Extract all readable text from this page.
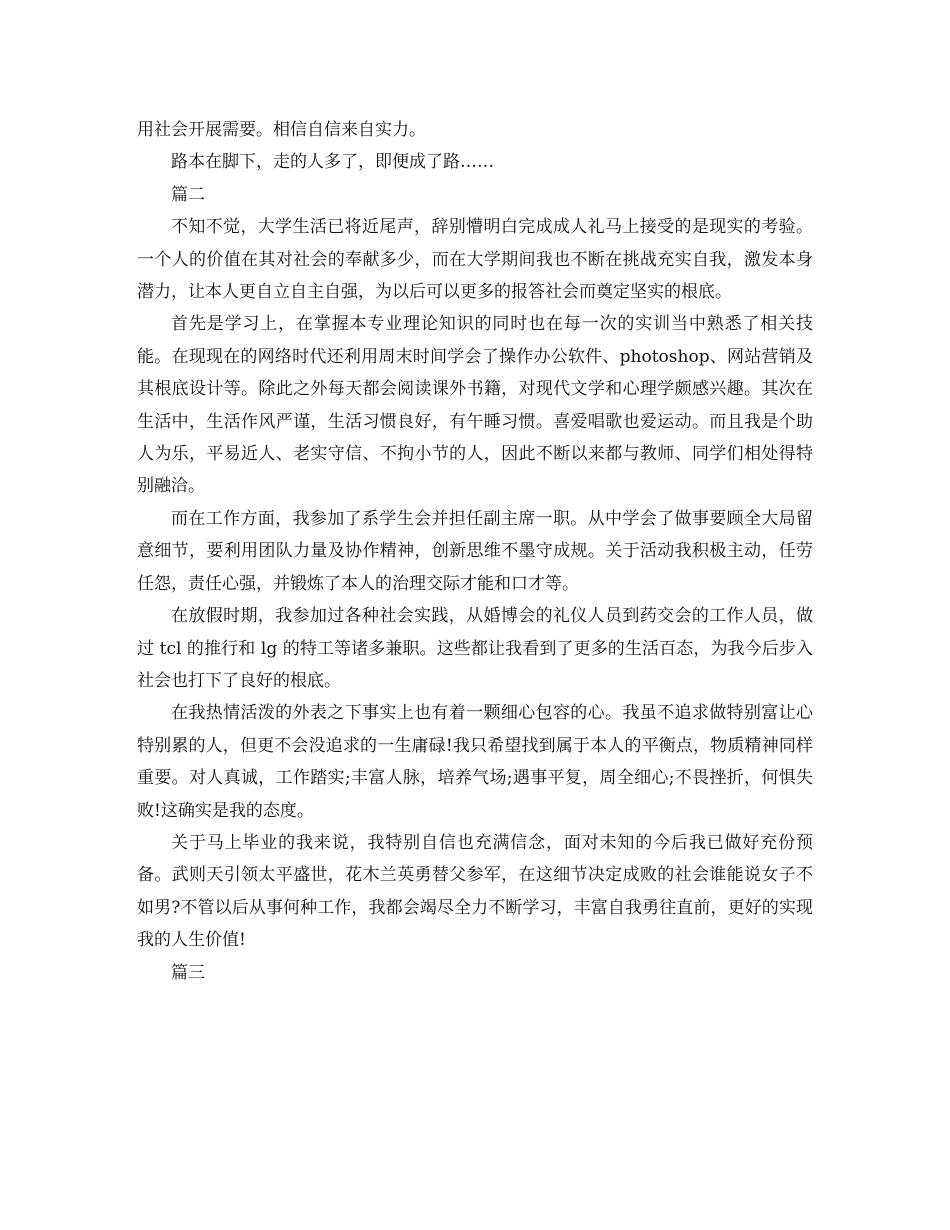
用社会开展需要。相信自信来自实力。

路本在脚下，走的人多了，即便成了路……

篇二

不知不觉，大学生活已将近尾声，辞别懵明白完成成人礼马上接受的是现实的考验。一个人的价值在其对社会的奉献多少，而在大学期间我也不断在挑战充实自我，激发本身潜力，让本人更自立自主自强，为以后可以更多的报答社会而奠定坚实的根底。

首先是学习上，在掌握本专业理论知识的同时也在每一次的实训当中熟悉了相关技能。在现现在的网络时代还利用周末时间学会了操作办公软件、photoshop、网站营销及其根底设计等。除此之外每天都会阅读课外书籍，对现代文学和心理学颇感兴趣。其次在生活中，生活作风严谨，生活习惯良好，有午睡习惯。喜爱唱歌也爱运动。而且我是个助人为乐，平易近人、老实守信、不拘小节的人，因此不断以来都与教师、同学们相处得特别融洽。

而在工作方面，我参加了系学生会并担任副主席一职。从中学会了做事要顾全大局留意细节，要利用团队力量及协作精神，创新思维不墨守成规。关于活动我积极主动，任劳任怨，责任心强，并锻炼了本人的治理交际才能和口才等。

在放假时期，我参加过各种社会实践，从婚博会的礼仪人员到药交会的工作人员，做过 tcl 的推行和 lg 的特工等诸多兼职。这些都让我看到了更多的生活百态，为我今后步入社会也打下了良好的根底。

在我热情活泼的外表之下事实上也有着一颗细心包容的心。我虽不追求做特别富让心特别累的人，但更不会没追求的一生庸碌!我只希望找到属于本人的平衡点，物质精神同样重要。对人真诚，工作踏实;丰富人脉，培养气场;遇事平复，周全细心;不畏挫折，何惧失败!这确实是我的态度。

关于马上毕业的我来说，我特别自信也充满信念，面对未知的今后我已做好充份预备。武则天引领太平盛世，花木兰英勇替父参军，在这细节决定成败的社会谁能说女子不如男?不管以后从事何种工作，我都会竭尽全力不断学习，丰富自我勇往直前，更好的实现我的人生价值!

篇三
